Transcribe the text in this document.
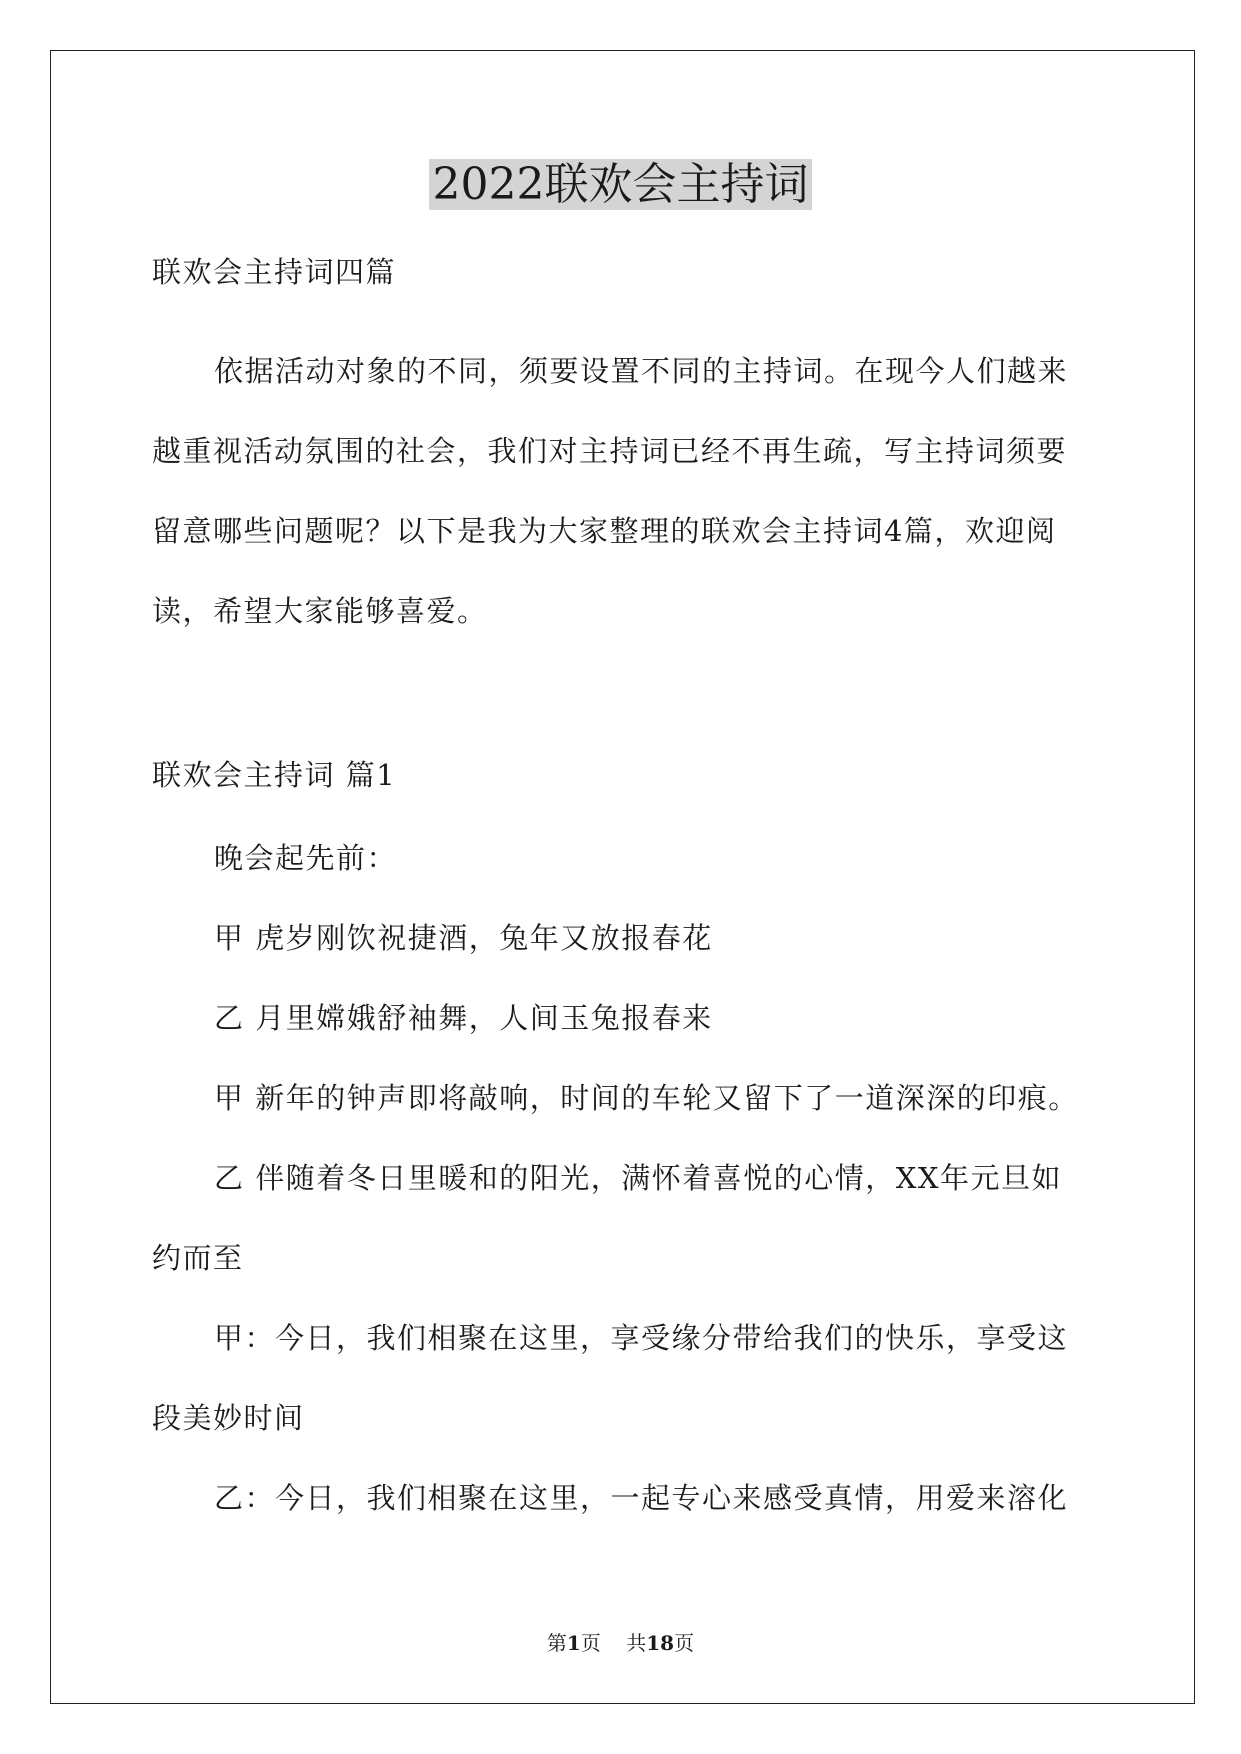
2022联欢会主持词
联欢会主持词四篇
依据活动对象的不同，须要设置不同的主持词。在现今人们越来
越重视活动氛围的社会，我们对主持词已经不再生疏，写主持词须要
留意哪些问题呢？以下是我为大家整理的联欢会主持词4篇，欢迎阅
读，希望大家能够喜爱。
联欢会主持词 篇1
晚会起先前：
甲 虎岁刚饮祝捷酒，兔年又放报春花
乙 月里嫦娥舒袖舞，人间玉兔报春来
甲 新年的钟声即将敲响，时间的车轮又留下了一道深深的印痕。
乙 伴随着冬日里暖和的阳光，满怀着喜悦的心情，XX年元旦如
约而至
甲：今日，我们相聚在这里，享受缘分带给我们的快乐，享受这
段美妙时间
乙：今日，我们相聚在这里，一起专心来感受真情，用爱来溶化
第1页    共18页
